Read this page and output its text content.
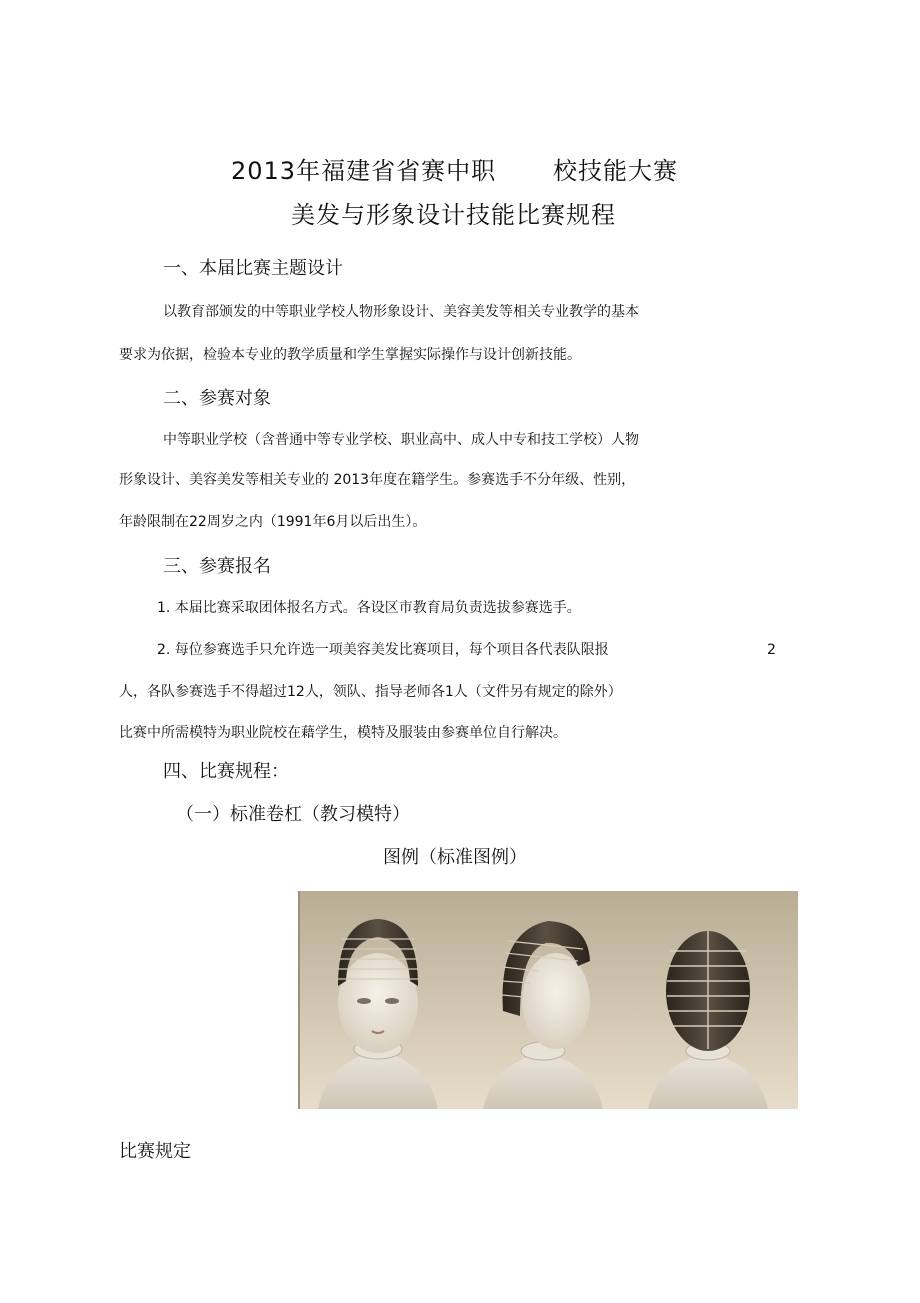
2013年福建省省赛中职 校技能大赛
美发与形象设计技能比赛规程
一、本届比赛主题设计
以教育部颁发的中等职业学校人物形象设计、美容美发等相关专业教学的基本
要求为依据，检验本专业的教学质量和学生掌握实际操作与设计创新技能。
二、参赛对象
中等职业学校（含普通中等专业学校、职业高中、成人中专和技工学校）人物
形象设计、美容美发等相关专业的 2013年度在籍学生。参赛选手不分年级、性别，
年龄限制在22周岁之内（1991年6月以后出生）。
三、参赛报名
1. 本届比赛采取团体报名方式。各设区市教育局负责选拔参赛选手。
2. 每位参赛选手只允许选一项美容美发比赛项目，每个项目各代表队限报	2
人，各队参赛选手不得超过12人，领队、指导老师各1人（文件另有规定的除外）
比赛中所需模特为职业院校在藉学生，模特及服装由参赛单位自行解决。
四、比赛规程：
（一）标准卷杠（教习模特）
图例（标准图例）
比赛规定
